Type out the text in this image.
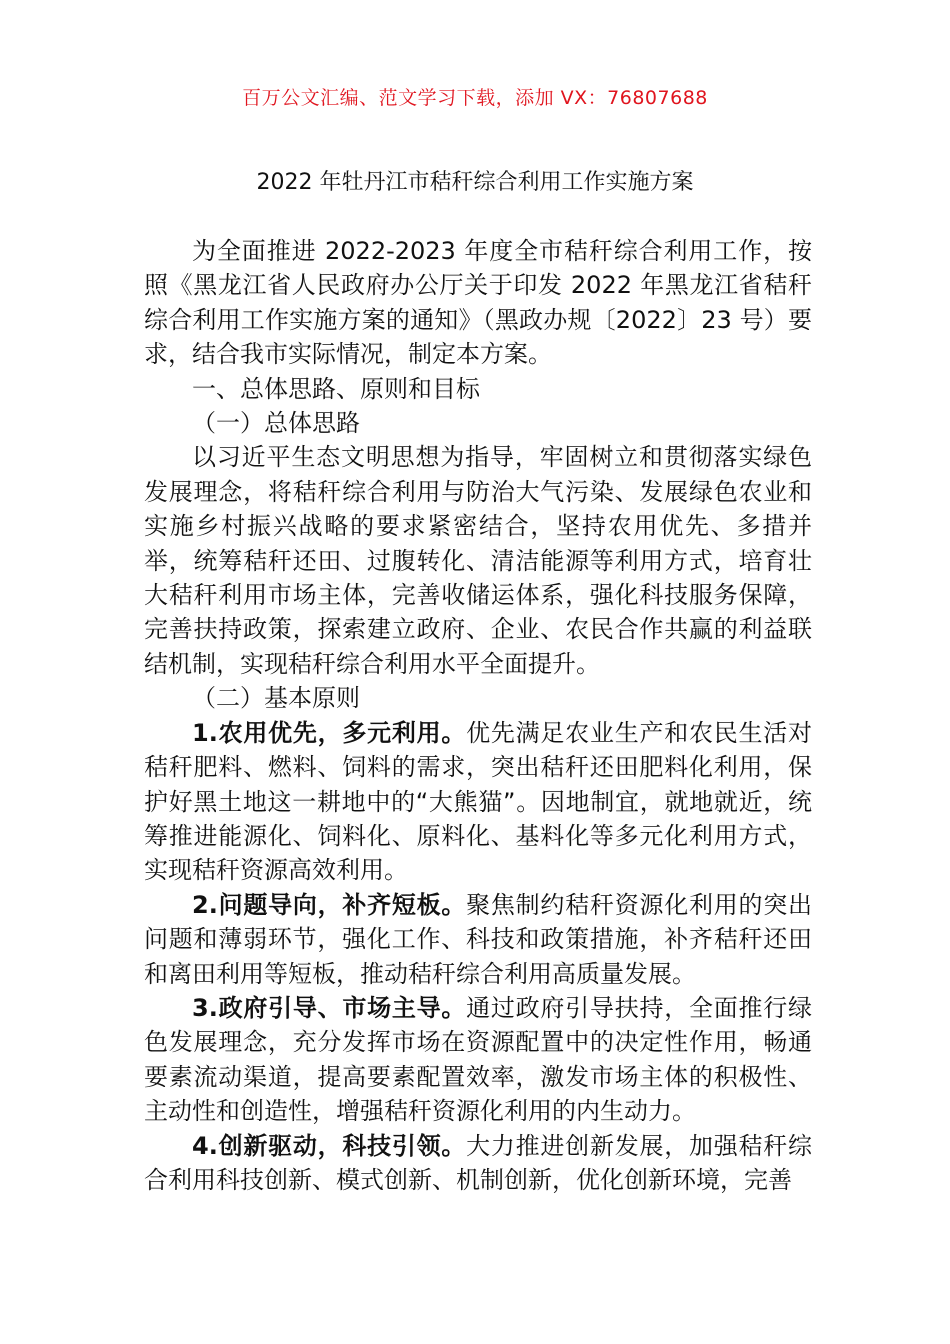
百万公文汇编、范文学习下载，添加 VX：76807688
2022 年牡丹江市秸秆综合利用工作实施方案

为全面推进 2022-2023 年度全市秸秆综合利用工作，按照《黑龙江省人民政府办公厅关于印发 2022 年黑龙江省秸秆综合利用工作实施方案的通知》（黑政办规〔2022〕23 号）要求，结合我市实际情况，制定本方案。

一、总体思路、原则和目标

（一）总体思路

以习近平生态文明思想为指导，牢固树立和贯彻落实绿色发展理念，将秸秆综合利用与防治大气污染、发展绿色农业和实施乡村振兴战略的要求紧密结合，坚持农用优先、多措并举，统筹秸秆还田、过腹转化、清洁能源等利用方式，培育壮大秸秆利用市场主体，完善收储运体系，强化科技服务保障，完善扶持政策，探索建立政府、企业、农民合作共赢的利益联结机制，实现秸秆综合利用水平全面提升。

（二）基本原则

1.农用优先，多元利用。优先满足农业生产和农民生活对秸秆肥料、燃料、饲料的需求，突出秸秆还田肥料化利用，保护好黑土地这一耕地中的“大熊猫”。因地制宜，就地就近，统筹推进能源化、饲料化、原料化、基料化等多元化利用方式，实现秸秆资源高效利用。

2.问题导向，补齐短板。聚焦制约秸秆资源化利用的突出问题和薄弱环节，强化工作、科技和政策措施，补齐秸秆还田和离田利用等短板，推动秸秆综合利用高质量发展。

3.政府引导、市场主导。通过政府引导扶持，全面推行绿色发展理念，充分发挥市场在资源配置中的决定性作用，畅通要素流动渠道，提高要素配置效率，激发市场主体的积极性、主动性和创造性，增强秸秆资源化利用的内生动力。

4.创新驱动，科技引领。大力推进创新发展，加强秸秆综合利用科技创新、模式创新、机制创新，优化创新环境，完善
